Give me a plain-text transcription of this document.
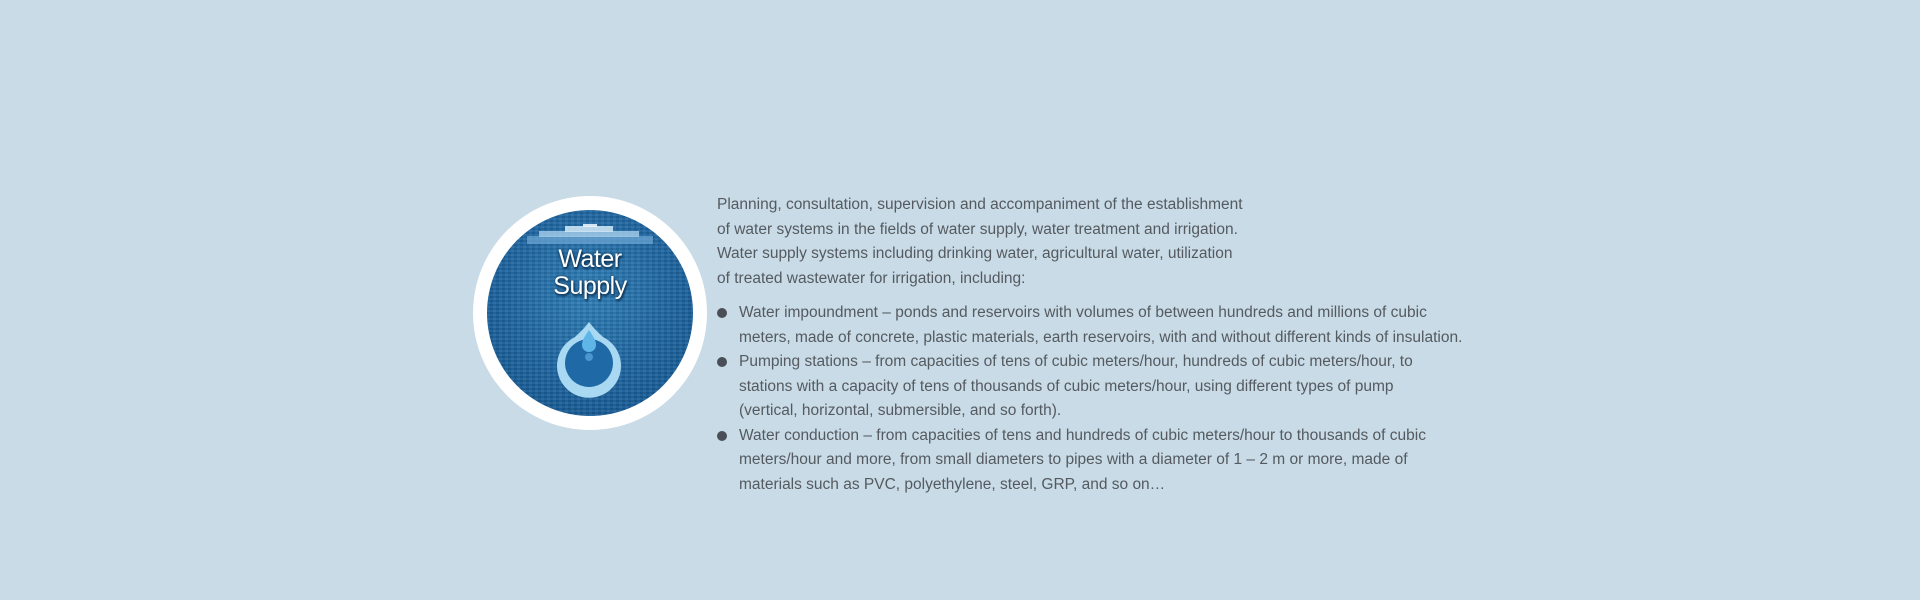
Water
Supply
Planning, consultation, supervision and accompaniment of the establishment
of water systems in the fields of water supply, water treatment and irrigation.
Water supply systems including drinking water, agricultural water, utilization
of treated wastewater for irrigation, including:
Water impoundment – ponds and reservoirs with volumes of between hundreds and millions of cubic
meters, made of concrete, plastic materials, earth reservoirs, with and without different kinds of insulation.
Pumping stations – from capacities of tens of cubic meters/hour, hundreds of cubic meters/hour, to
stations with a capacity of tens of thousands of cubic meters/hour, using different types of pump
(vertical, horizontal, submersible, and so forth).
Water conduction – from capacities of tens and hundreds of cubic meters/hour to thousands of cubic
meters/hour and more, from small diameters to pipes with a diameter of 1 – 2 m or more, made of
materials such as PVC, polyethylene, steel, GRP, and so on…
